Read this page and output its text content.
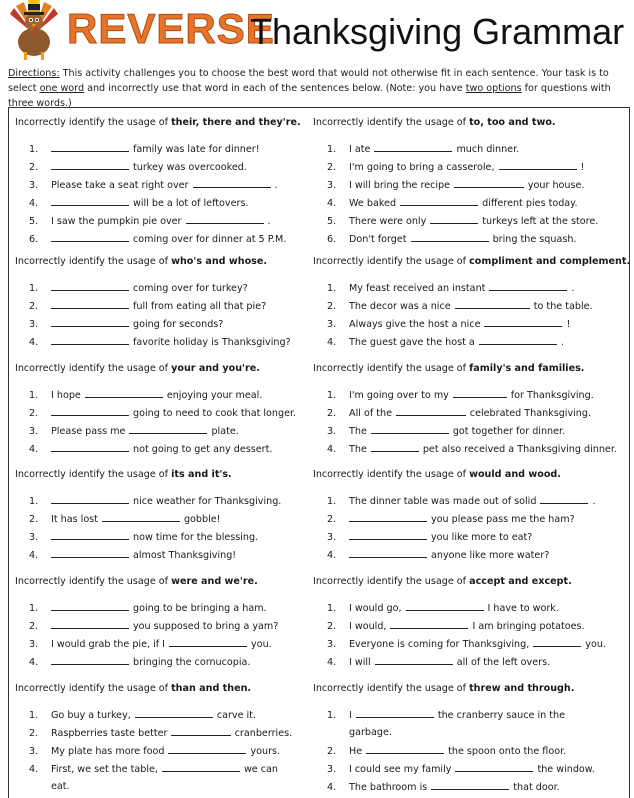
REVERSE
Thanksgiving Grammar
Directions: This activity challenges you to choose the best word that would not otherwise fit in each sentence. Your task is to select one word and incorrectly use that word in each of the sentences below. (Note: you have two options for questions with three words.)
Incorrectly identify the usage of their, there and they're.
1.	family was late for dinner!
2.	turkey was overcooked.
3. Please take a seat right over	.
4.	will be a lot of leftovers.
5. I saw the pumpkin pie over	.
6.	coming over for dinner at 5 P.M.
Incorrectly identify the usage of who's and whose.
1.	coming over for turkey?
2.	full from eating all that pie?
3.	going for seconds?
4.	favorite holiday is Thanksgiving?
Incorrectly identify the usage of your and you're.
1. I hope	enjoying your meal.
2.	going to need to cook that longer.
3. Please pass me	plate.
4.	not going to get any dessert.
Incorrectly identify the usage of its and it's.
1.	nice weather for Thanksgiving.
2. It has lost	gobble!
3.	now time for the blessing.
4.	almost Thanksgiving!
Incorrectly identify the usage of were and we're.
1.	going to be bringing a ham.
2.	you supposed to bring a yam?
3. I would grab the pie, if I	you.
4.	bringing the cornucopia.
Incorrectly identify the usage of than and then.
1. Go buy a turkey,	carve it.
2. Raspberries taste better	cranberries.
3. My plate has more food	yours.
4. First, we set the table,	we can
eat.
Incorrectly identify the usage of to, too and two.
1. I ate	much dinner.
2. I'm going to bring a casserole,	!
3. I will bring the recipe	your house.
4. We baked	different pies today.
5. There were only	turkeys left at the store.
6. Don't forget	bring the squash.
Incorrectly identify the usage of compliment and complement.
1. My feast received an instant	.
2. The decor was a nice	to the table.
3. Always give the host a nice	!
4. The guest gave the host a	.
Incorrectly identify the usage of family's and families.
1. I'm going over to my	for Thanksgiving.
2. All of the	celebrated Thanksgiving.
3. The	got together for dinner.
4. The	pet also received a Thanksgiving dinner.
Incorrectly identify the usage of would and wood.
1. The dinner table was made out of solid	.
2.	you please pass me the ham?
3.	you like more to eat?
4.	anyone like more water?
Incorrectly identify the usage of accept and except.
1. I would go,	I have to work.
2. I would,	I am bringing potatoes.
3. Everyone is coming for Thanksgiving,	you.
4. I will	all of the left overs.
Incorrectly identify the usage of threw and through.
1. I	the cranberry sauce in the
garbage.
2. He	the spoon onto the floor.
3. I could see my family	the window.
4. The bathroom is	that door.
